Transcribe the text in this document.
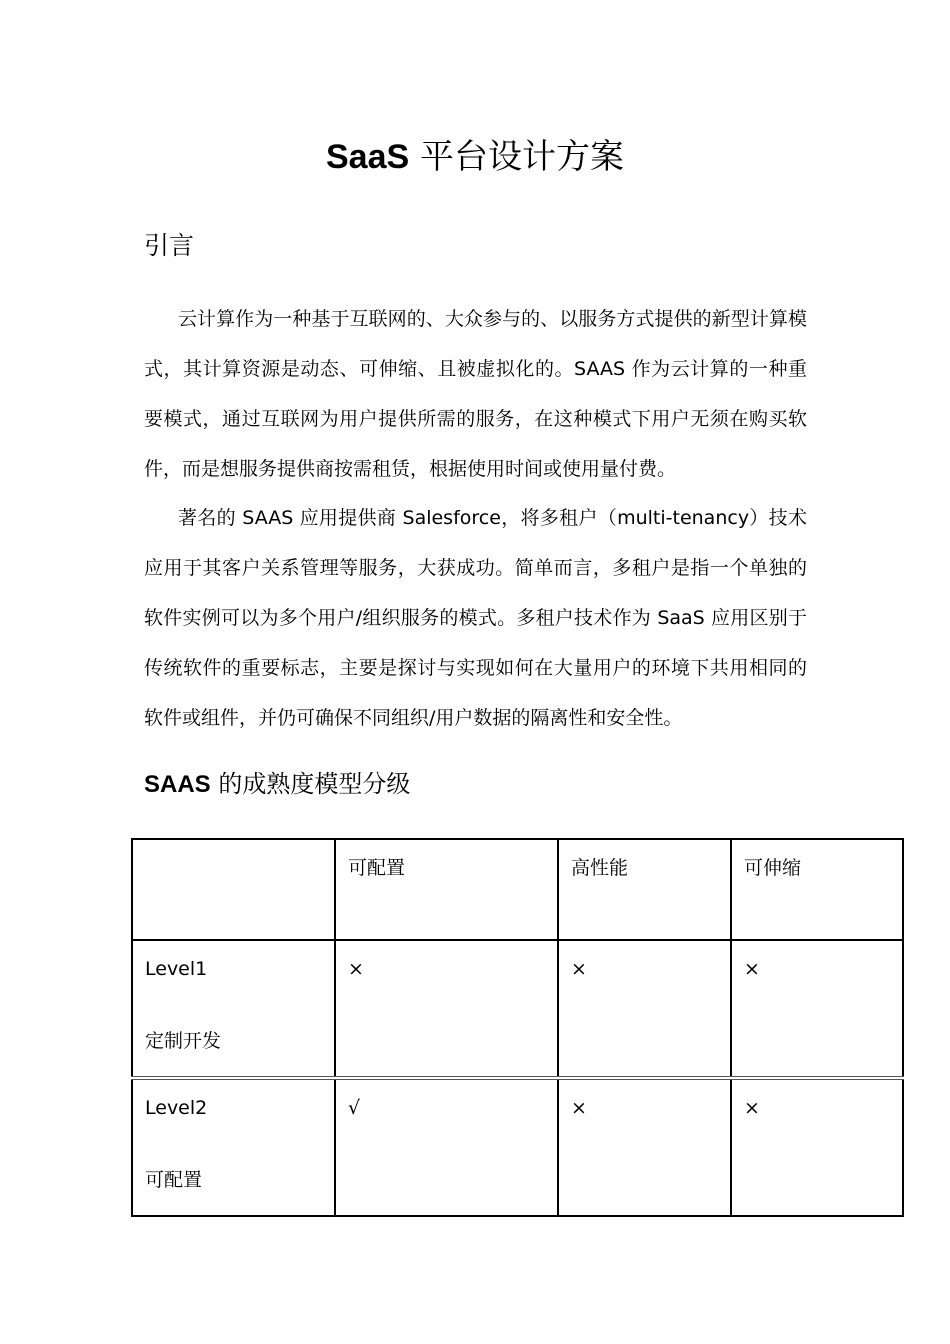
SaaS 平台设计方案
引言

云计算作为一种基于互联网的、大众参与的、以服务方式提供的新型计算模式，其计算资源是动态、可伸缩、且被虚拟化的。SAAS 作为云计算的一种重要模式，通过互联网为用户提供所需的服务，在这种模式下用户无须在购买软件，而是想服务提供商按需租赁，根据使用时间或使用量付费。

著名的 SAAS 应用提供商 Salesforce，将多租户（multi-tenancy）技术应用于其客户关系管理等服务，大获成功。简单而言，多租户是指一个单独的软件实例可以为多个用户/组织服务的模式。多租户技术作为 SaaS 应用区别于传统软件的重要标志，主要是探讨与实现如何在大量用户的环境下共用相同的软件或组件，并仍可确保不同组织/用户数据的隔离性和安全性。

SAAS 的成熟度模型分级
	可配置	高性能	可伸缩

Level1
定制开发	×	×	×

Level2
可配置	√	×	×
